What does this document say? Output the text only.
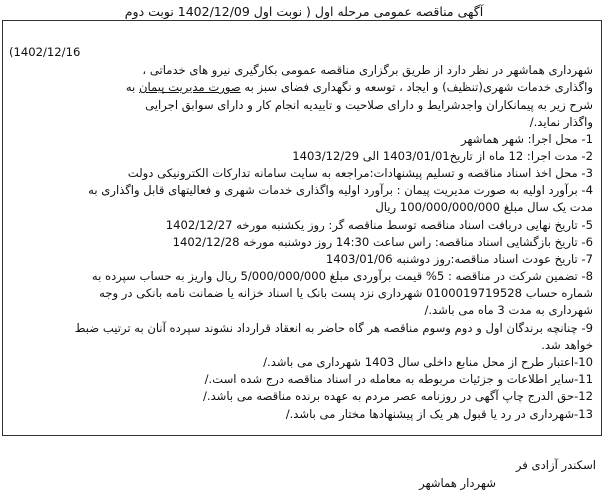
آگهی مناقصه عمومی مرحله اول ( نوبت اول 1402/12/09 نوبت دوم
(1402/12/16
شهرداری هماشهر در نظر دارد از طریق برگزاری مناقصه عمومی بکارگیری نیرو های خدماتی ،
واگذاری خدمات شهری(تنظیف) و ایجاد ، توسعه و نگهداری فضای سبز به صورت مدیریت پیمان به
شرح زیر به پیمانکاران واجدشرایط و دارای صلاحیت و تاییدیه انجام کار و دارای سوابق اجرایی
واگذار نماید./
1- محل اجرا: شهر هماشهر
2- مدت اجرا: 12 ماه از تاریخ1403/01/01 الی 1403/12/29
3- محل اخذ اسناد مناقصه و تسلیم پیشنهادات:مراجعه به سایت سامانه تدارکات الکترونیکی دولت
4- برآورد اولیه به صورت مدیریت پیمان : برآورد اولیه واگذاری خدمات شهری و فعالیتهای قابل واگذاری به
مدت یک سال مبلغ 100/000/000/000 ریال
5- تاریخ نهایی دریافت اسناد مناقصه توسط مناقصه گر: روز یکشنبه مورخه 1402/12/27
6- تاریخ بازگشایی اسناد مناقصه: راس ساعت 14:30 روز دوشنبه مورخه 1402/12/28
7- تاریخ عودت اسناد مناقصه:روز دوشنبه 1403/01/06
8- تضمین شرکت در مناقصه : 5% قیمت برآوردی مبلغ 5/000/000/000 ریال واریز به حساب سپرده به
شماره حساب 0100019719528 شهرداری نزد پست بانک یا اسناد خزانه یا ضمانت نامه بانکی در وجه
شهرداری به مدت 3 ماه می باشد./
9- چنانچه برندگان اول و دوم وسوم مناقصه هر گاه حاضر به انعقاد قرارداد نشوند سپرده آنان به ترتیب ضبط
خواهد شد.
10-اعتبار طرح از محل منابع داخلی سال 1403 شهرداری می باشد./
11-سایر اطلاعات و جزئیات مربوطه به معامله در اسناد مناقصه درج شده است./
12-حق الدرج چاپ آگهی در روزنامه عصر مردم به عهده برنده مناقصه می باشد./
13-شهرداری در رد یا قبول هر یک از پیشنهادها مختار می باشد./
اسکندر آزادی فر
شهردار هماشهر
